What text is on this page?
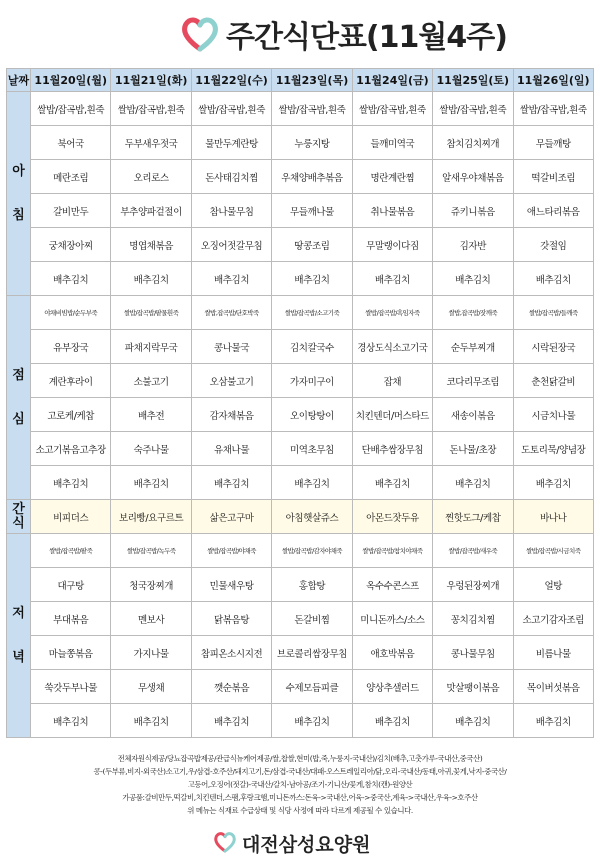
주간식단표(11월4주)
날짜	11월20일(월)	11월21일(화)	11월22일(수)	11월23일(목)	11월24일(금)	11월25일(토)	11월26일(일)

아
침	쌀밥/잡곡밥,흰죽	쌀밥/잡곡밥,흰죽	쌀밥/잡곡밥,흰죽	쌀밥/잡곡밥,흰죽	쌀밥/잡곡밥,흰죽	쌀밥/잡곡밥,흰죽	쌀밥/잡곡밥,흰죽
	북어국	두부새우젓국	물만두계란탕	누룽지탕	들깨미역국	참치김치찌개	무들깨탕
	메란조림	오리로스	돈사태김치찜	우채양배추볶음	명란계란찜	알새우야채볶음	떡갈비조림
	갈비만두	부추양파겉절이	참나물무침	무들깨나물	취나물볶음	쥬키니볶음	애느타리볶음
	궁채장아찌	명엽채볶음	오징어젓갈무침	땅콩조림	무말랭이다짐	김자반	갓절임
	배추김치	배추김치	배추김치	배추김치	배추김치	배추김치	배추김치

점
심	야채비빔밥/순두부죽	쌀밥/잡곡밥/팥물흰죽	쌀밥,잡곡밥/단호박죽	쌀밥/잡곡밥/소고기죽	쌀밥/잡곡밥/흑임자죽	쌀밥,잡곡밥/잣깨죽	쌀밥/잡곡밥/들깨죽
	유부장국	파채지락무국	콩나물국	김치칼국수	경상도식소고기국	순두부찌개	시락된장국
	계란후라이	소불고기	오삼불고기	가자미구이	잡채	코다리무조림	춘천닭갈비
	고로케/케찹	배추전	감자채볶음	오이탕탕이	치킨텐더/머스타드	새송이볶음	시금치나물
	소고기볶음고추장	숙주나물	유채나물	미역초무침	단배추쌈장무침	돈나물/초장	도토리묵/양념장
	배추김치	배추김치	배추김치	배추김치	배추김치	배추김치	배추김치

간
식	비피더스	보리빵/요구르트	삶은고구마	아침햇살쥬스	아몬드잣두유	찐핫도그/케찹	바나나

저
녁	쌀밥/잡곡밥/팥죽	쌀밥/잡곡밥/녹두죽	쌀밥/잡곡밥/야채죽	쌀밥/잡곡밥/감자야채죽	쌀밥/잡곡밥/참치야채죽	쌀밥/잡곡밥/새우죽	쌀밥/잡곡밥/시금치죽
	대구탕	청국장찌개	민물새우탕	홍합탕	옥수수콘스프	우렁된장찌개	얼탕
	부대볶음	멘보사	닭볶음탕	돈갈비찜	미니돈까스/소스	꽁치김치찜	소고기감자조림
	마늘쫑볶음	가지나물	참피온소시지전	브로콜리쌈장무침	애호박볶음	콩나물무침	비름나물
	쑥갓두부나물	무생채	깻순볶음	수제모듬피클	양상추샐러드	맛살팽이볶음	목이버섯볶음
	배추김치	배추김치	배추김치	배추김치	배추김치	배추김치	배추김치
전체자원식제공/당뇨잡곡밥제공/관급식뉴케어제공/쌀,찹쌀,현미(밥,죽,누룽지-국내산)/김치(배추,고춧가루-국내산,중국산)
콩-(두부류,비지-외국산)소고기,우/삼겹-호주산/돼지고기,돈/삼겹-국내산/대패-오스트레일리아/닭,오리-국내산/동태,아귀,꽃게,낙지-중국산/
고등어,오징어(젓갈)-국내산/갈치-남아공/조기-기니산/꽃게,참치(캔)-원양산
가공품:갈비만두,떡갈비,치킨텐더,스팸,후랑크햄,미니돈까스:돈육->국내산,어육->중국산,계육->국내산,우육->호주산
위 메뉴는 식재료 수급상태 및 식당 사정에 따라 다르게 제공될 수 있습니다.
대전삼성요양원
